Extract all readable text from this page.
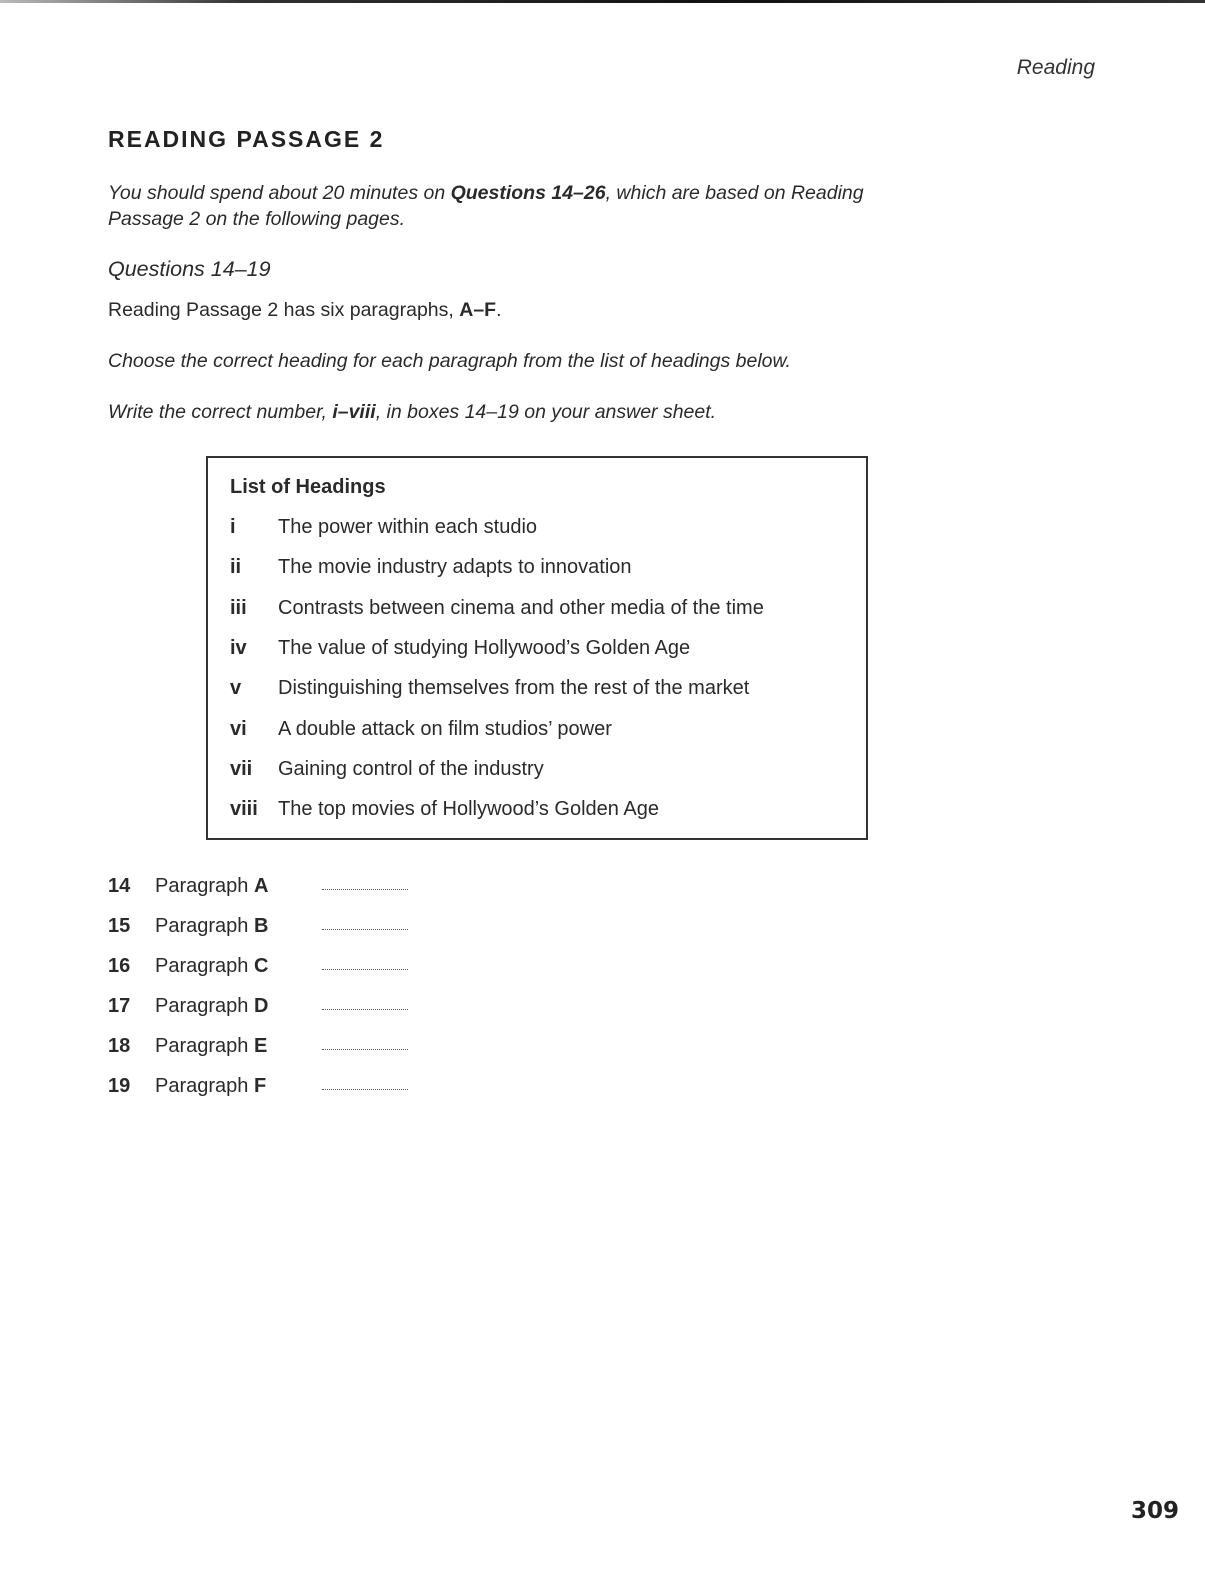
Reading
READING PASSAGE 2
You should spend about 20 minutes on Questions 14–26, which are based on Reading Passage 2 on the following pages.
Questions 14–19
Reading Passage 2 has six paragraphs, A–F.
Choose the correct heading for each paragraph from the list of headings below.
Write the correct number, i–viii, in boxes 14–19 on your answer sheet.
List of Headings
i	The power within each studio
ii	The movie industry adapts to innovation
iii	Contrasts between cinema and other media of the time
iv	The value of studying Hollywood’s Golden Age
v	Distinguishing themselves from the rest of the market
vi	A double attack on film studios’ power
vii	Gaining control of the industry
viii	The top movies of Hollywood’s Golden Age
14 Paragraph A
15 Paragraph B
16 Paragraph C
17 Paragraph D
18 Paragraph E
19 Paragraph F
309
